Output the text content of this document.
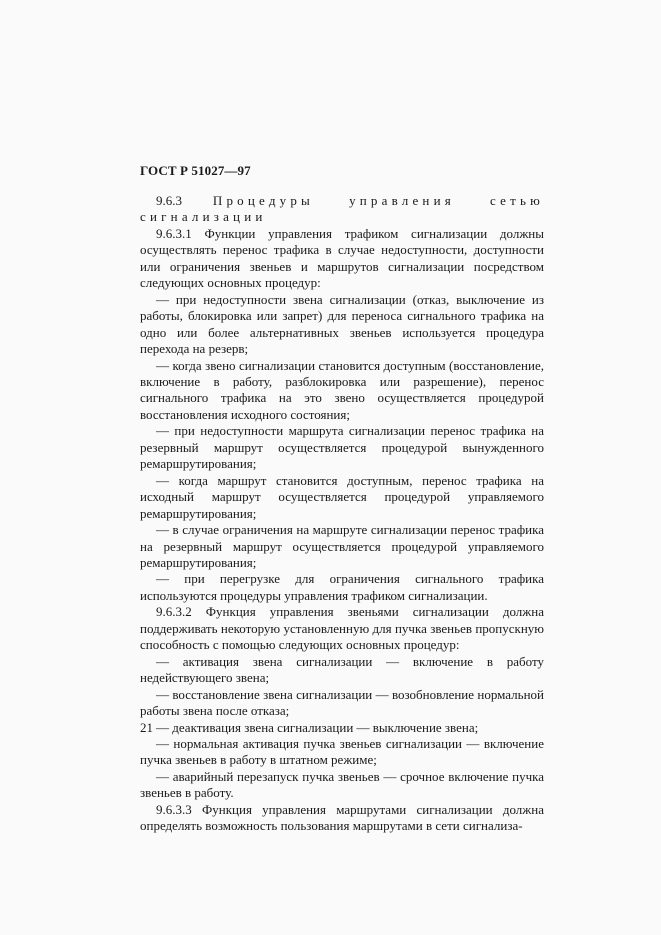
ГОСТ Р 51027—97

9.6.3 Процедуры управления сетью сигнализации

9.6.3.1 Функции управления трафиком сигнализации должны осуществлять перенос трафика в случае недоступности, доступности или ограничения звеньев и маршрутов сигнализации посредством следующих основных процедур:

— при недоступности звена сигнализации (отказ, выключение из работы, блокировка или запрет) для переноса сигнального трафика на одно или более альтернативных звеньев используется процедура перехода на резерв;

— когда звено сигнализации становится доступным (восстановление, включение в работу, разблокировка или разрешение), перенос сигнального трафика на это звено осуществляется процедурой восстановления исходного состояния;

— при недоступности маршрута сигнализации перенос трафика на резервный маршрут осуществляется процедурой вынужденного ремаршрутирования;

— когда маршрут становится доступным, перенос трафика на исходный маршрут осуществляется процедурой управляемого ремаршрутирования;

— в случае ограничения на маршруте сигнализации перенос трафика на резервный маршрут осуществляется процедурой управляемого ремаршрутирования;

— при перегрузке для ограничения сигнального трафика используются процедуры управления трафиком сигнализации.

9.6.3.2 Функция управления звеньями сигнализации должна поддерживать некоторую установленную для пучка звеньев пропускную способность с помощью следующих основных процедур:

— активация звена сигнализации — включение в работу недействующего звена;

— восстановление звена сигнализации — возобновление нормальной работы звена после отказа;

— деактивация звена сигнализации — выключение звена;

— нормальная активация пучка звеньев сигнализации — включение пучка звеньев в работу в штатном режиме;

— аварийный перезапуск пучка звеньев — срочное включение пучка звеньев в работу.

9.6.3.3 Функция управления маршрутами сигнализации должна определять возможность пользования маршрутами в сети сигнализа-

21
